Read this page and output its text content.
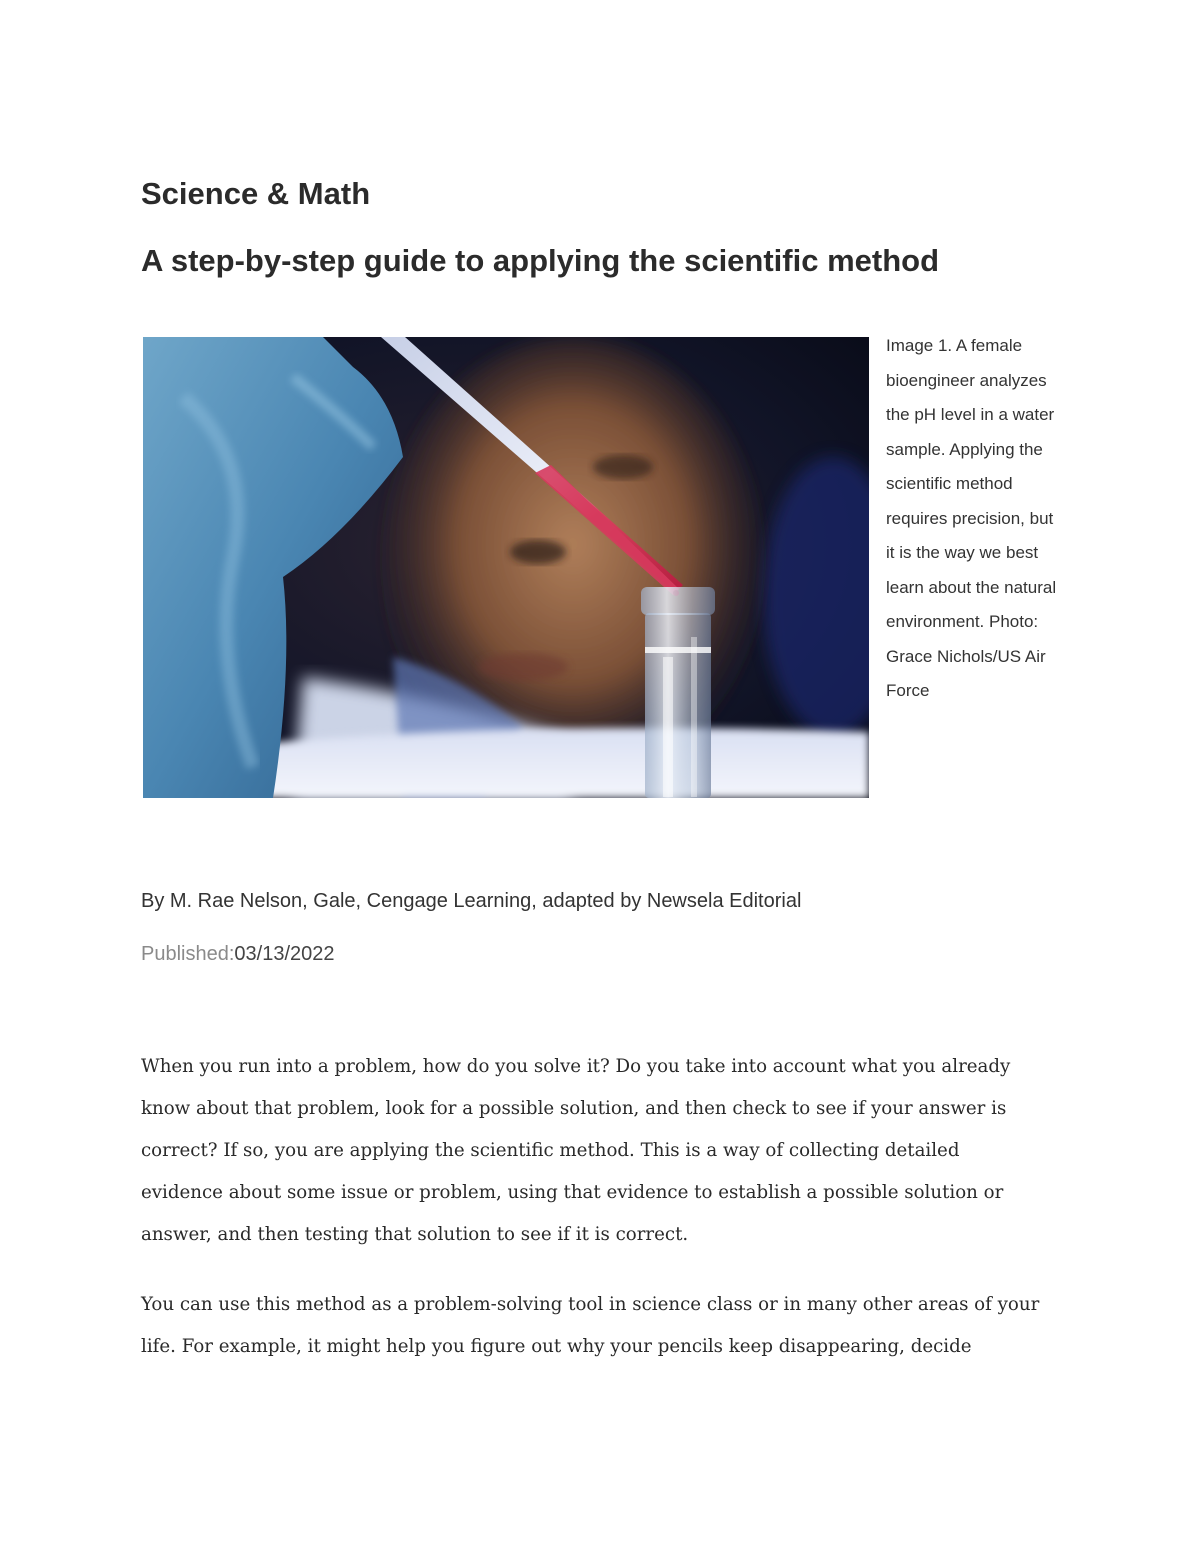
Science & Math
A step-by-step guide to applying the scientific method
Image 1. A female bioengineer analyzes the pH level in a water sample. Applying the scientific method requires precision, but it is the way we best learn about the natural environment. Photo: Grace Nichols/US Air Force
By M. Rae Nelson, Gale, Cengage Learning, adapted by Newsela Editorial
Published:03/13/2022

When you run into a problem, how do you solve it? Do you take into account what you already know about that problem, look for a possible solution, and then check to see if your answer is correct? If so, you are applying the scientific method. This is a way of collecting detailed evidence about some issue or problem, using that evidence to establish a possible solution or answer, and then testing that solution to see if it is correct.

You can use this method as a problem-solving tool in science class or in many other areas of your life. For example, it might help you figure out why your pencils keep disappearing, decide
